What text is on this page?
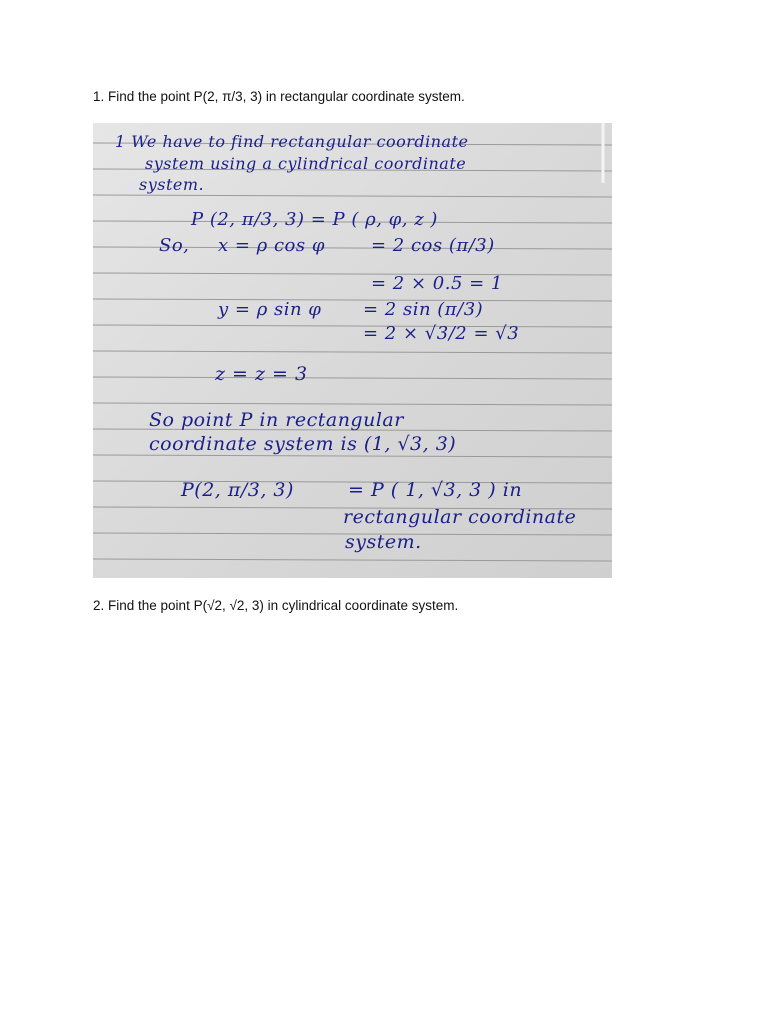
1. Find the point P(2, π/3, 3) in rectangular coordinate system.
1 We have to find rectangular coordinate
system using a cylindrical coordinate
system.
P (2, π/3, 3) = P ( ρ, φ, z )
So, x = ρ cos φ	= 2 cos (π/3)
= 2 × 0.5 = 1
y = ρ sin φ = 2 sin (π/3)
= 2 × √3/2 = √3
z = z = 3
So point P in rectangular
coordinate system is (1, √3, 3)
P(2, π/3, 3)	= P ( 1, √3, 3 ) in
rectangular coordinate
system.
2. Find the point P(√2, √2, 3) in cylindrical coordinate system.
